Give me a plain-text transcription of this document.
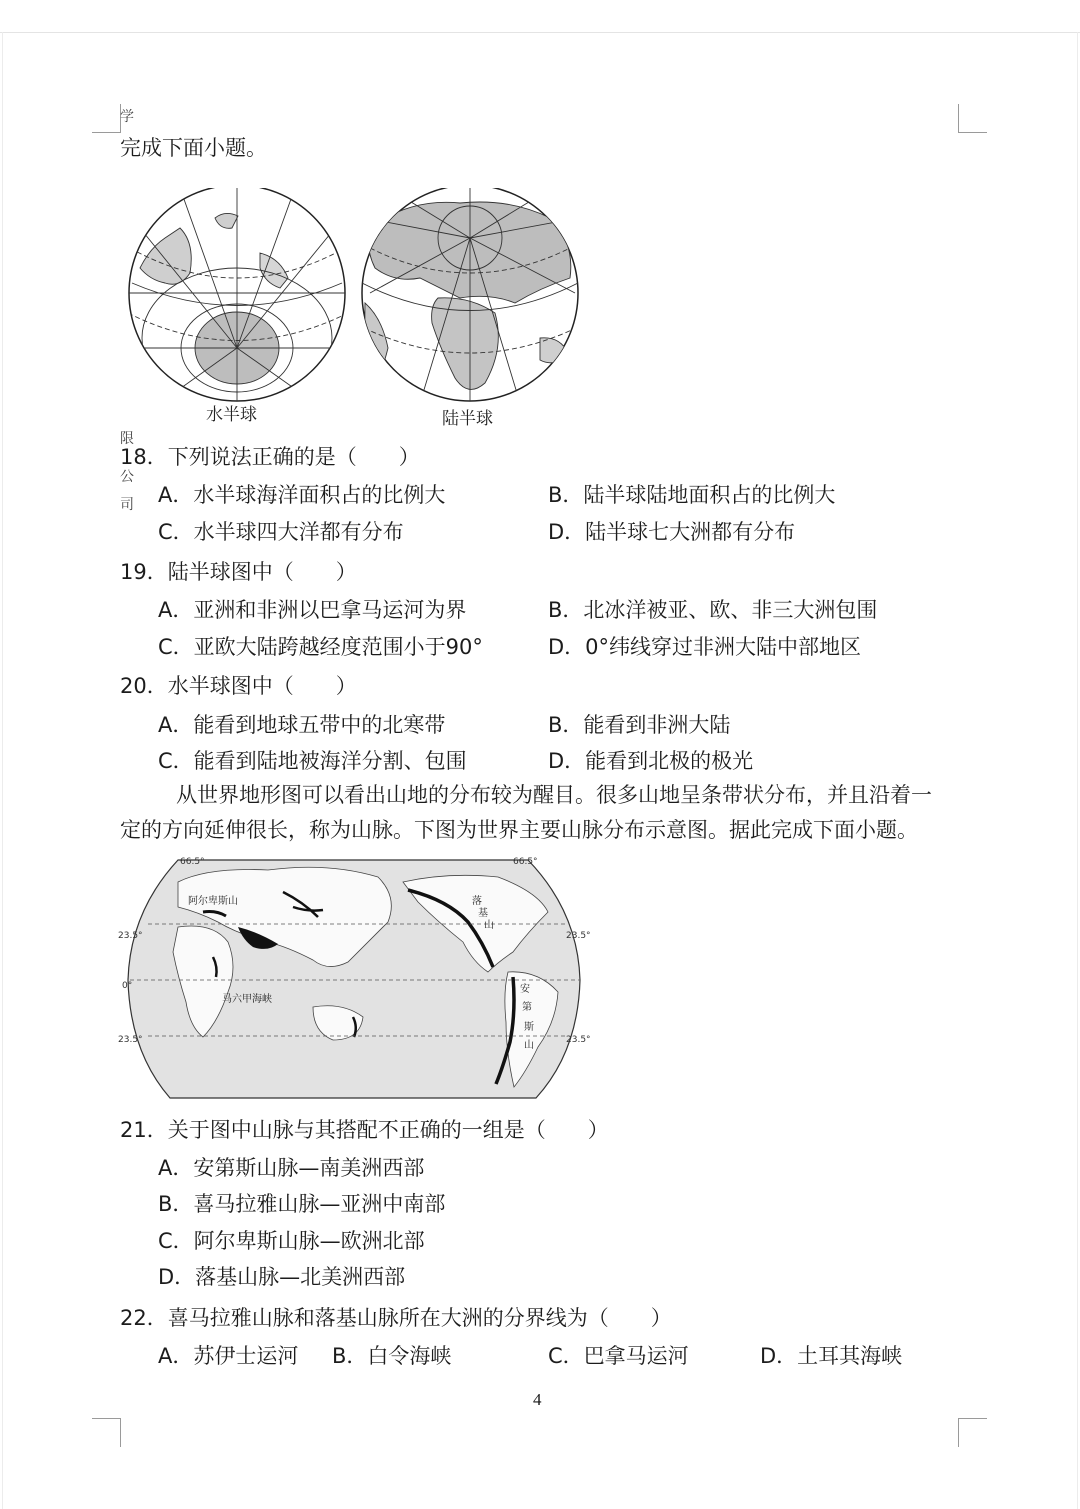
学
完成下面小题。
水半球	陆半球
限
公
司
18．下列说法正确的是（　　）
A．水半球海洋面积占的比例大	B．陆半球陆地面积占的比例大
C．水半球四大洋都有分布	D．陆半球七大洲都有分布
19．陆半球图中（　　）
A．亚洲和非洲以巴拿马运河为界	B．北冰洋被亚、欧、非三大洲包围
C．亚欧大陆跨越经度范围小于90°	D．0°纬线穿过非洲大陆中部地区
20．水半球图中（　　）
A．能看到地球五带中的北寒带	B．能看到非洲大陆
C．能看到陆地被海洋分割、包围	D．能看到北极的极光
从世界地形图可以看出山地的分布较为醒目。很多山地呈条带状分布，并且沿着一
定的方向延伸很长，称为山脉。下图为世界主要山脉分布示意图。据此完成下面小题。
66.5°	66.5°
23.5°	23.5°
0°
23.5°	23.5°
阿尔卑斯山
马六甲海峡
落
基
山
安
第
斯
山
21．关于图中山脉与其搭配不正确的一组是（　　）
A．安第斯山脉—南美洲西部
B．喜马拉雅山脉—亚洲中南部
C．阿尔卑斯山脉—欧洲北部
D．落基山脉—北美洲西部
22．喜马拉雅山脉和落基山脉所在大洲的分界线为（　　）
A．苏伊士运河 B．白令海峡	C．巴拿马运河	D．土耳其海峡
4
